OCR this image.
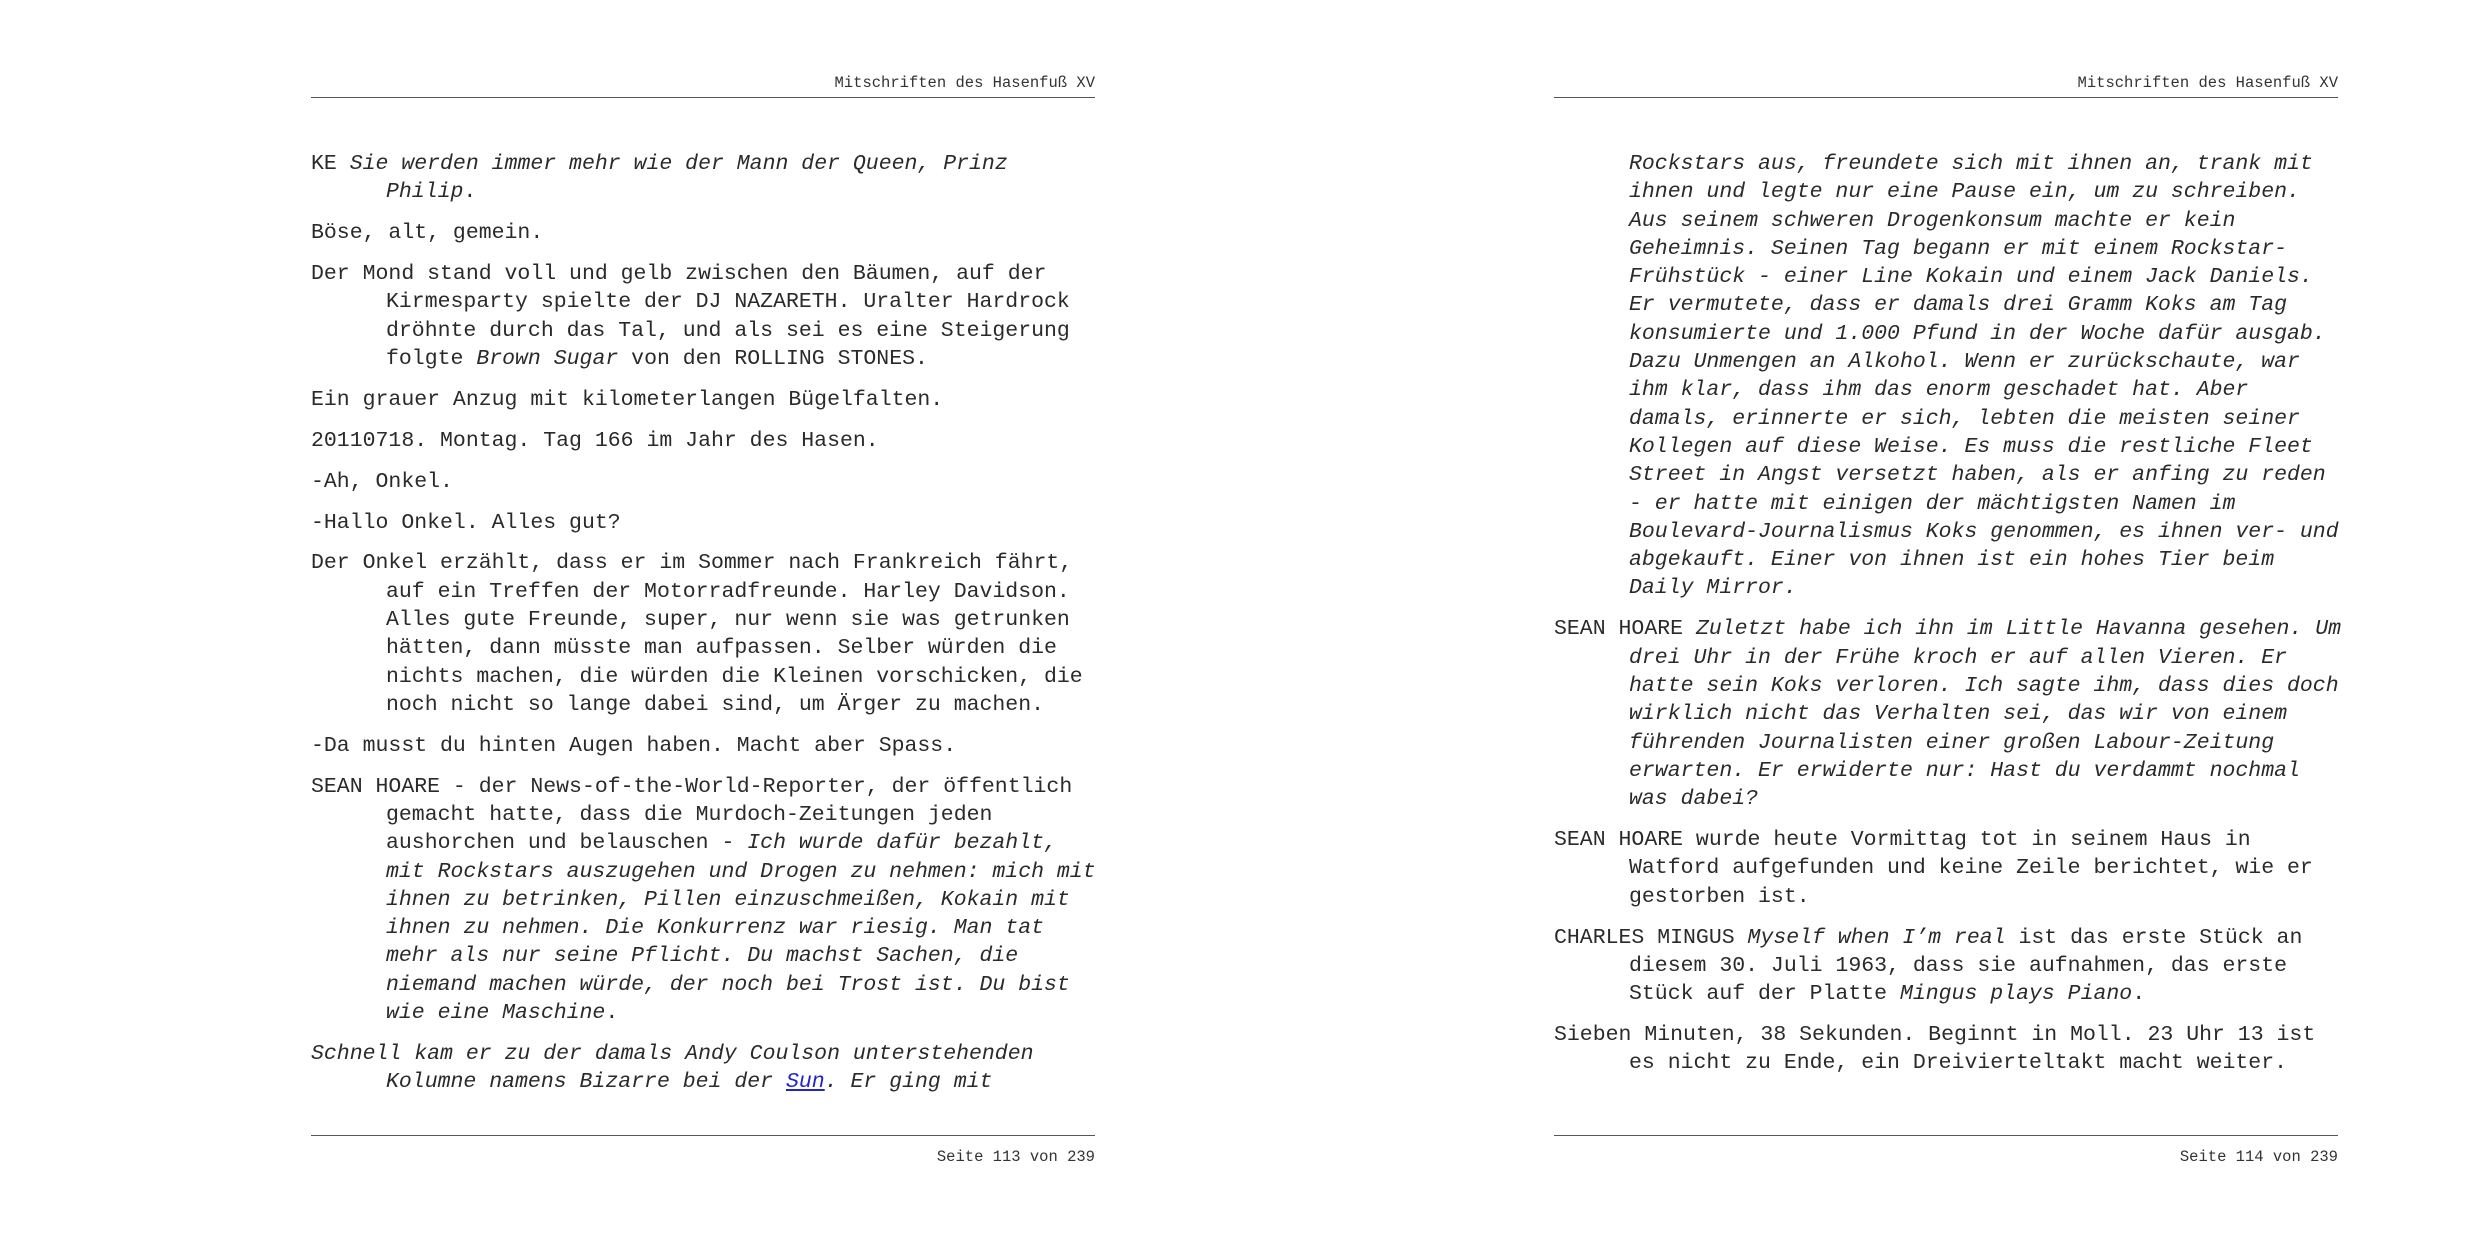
Mitschriften des Hasenfuß XV

KE Sie werden immer mehr wie der Mann der Queen, Prinz Philip.

Böse, alt, gemein.

Der Mond stand voll und gelb zwischen den Bäumen, auf der Kirmesparty spielte der DJ NAZARETH. Uralter Hardrock dröhnte durch das Tal, und als sei es eine Steigerung folgte Brown Sugar von den ROLLING STONES.

Ein grauer Anzug mit kilometerlangen Bügelfalten.

20110718. Montag. Tag 166 im Jahr des Hasen.

-Ah, Onkel.

-Hallo Onkel. Alles gut?

Der Onkel erzählt, dass er im Sommer nach Frankreich fährt, auf ein Treffen der Motorradfreunde. Harley Davidson. Alles gute Freunde, super, nur wenn sie was getrunken hätten, dann müsste man aufpassen. Selber würden die nichts machen, die würden die Kleinen vorschicken, die noch nicht so lange dabei sind, um Ärger zu machen.

-Da musst du hinten Augen haben. Macht aber Spass.

SEAN HOARE - der News-of-the-World-Reporter, der öffentlich gemacht hatte, dass die Murdoch-Zeitungen jeden aushorchen und belauschen - Ich wurde dafür bezahlt, mit Rockstars auszugehen und Drogen zu nehmen: mich mit ihnen zu betrinken, Pillen einzuschmeißen, Kokain mit ihnen zu nehmen. Die Konkurrenz war riesig. Man tat mehr als nur seine Pflicht. Du machst Sachen, die niemand machen würde, der noch bei Trost ist. Du bist wie eine Maschine.

Schnell kam er zu der damals Andy Coulson unterstehenden Kolumne namens Bizarre bei der Sun. Er ging mit

Seite 113 von 239
Mitschriften des Hasenfuß XV

Rockstars aus, freundete sich mit ihnen an, trank mit ihnen und legte nur eine Pause ein, um zu schreiben. Aus seinem schweren Drogenkonsum machte er kein Geheimnis. Seinen Tag begann er mit einem Rockstar-Frühstück - einer Line Kokain und einem Jack Daniels. Er vermutete, dass er damals drei Gramm Koks am Tag konsumierte und 1.000 Pfund in der Woche dafür ausgab. Dazu Unmengen an Alkohol. Wenn er zurückschaute, war ihm klar, dass ihm das enorm geschadet hat. Aber damals, erinnerte er sich, lebten die meisten seiner Kollegen auf diese Weise. Es muss die restliche Fleet Street in Angst versetzt haben, als er anfing zu reden - er hatte mit einigen der mächtigsten Namen im Boulevard-Journalismus Koks genommen, es ihnen ver- und abgekauft. Einer von ihnen ist ein hohes Tier beim Daily Mirror.

SEAN HOARE Zuletzt habe ich ihn im Little Havanna gesehen. Um drei Uhr in der Frühe kroch er auf allen Vieren. Er hatte sein Koks verloren. Ich sagte ihm, dass dies doch wirklich nicht das Verhalten sei, das wir von einem führenden Journalisten einer großen Labour-Zeitung erwarten. Er erwiderte nur: Hast du verdammt nochmal was dabei?

SEAN HOARE wurde heute Vormittag tot in seinem Haus in Watford aufgefunden und keine Zeile berichtet, wie er gestorben ist.

CHARLES MINGUS Myself when I’m real ist das erste Stück an diesem 30. Juli 1963, dass sie aufnahmen, das erste Stück auf der Platte Mingus plays Piano.

Sieben Minuten, 38 Sekunden. Beginnt in Moll. 23 Uhr 13 ist es nicht zu Ende, ein Dreivierteltakt macht weiter.

Seite 114 von 239
